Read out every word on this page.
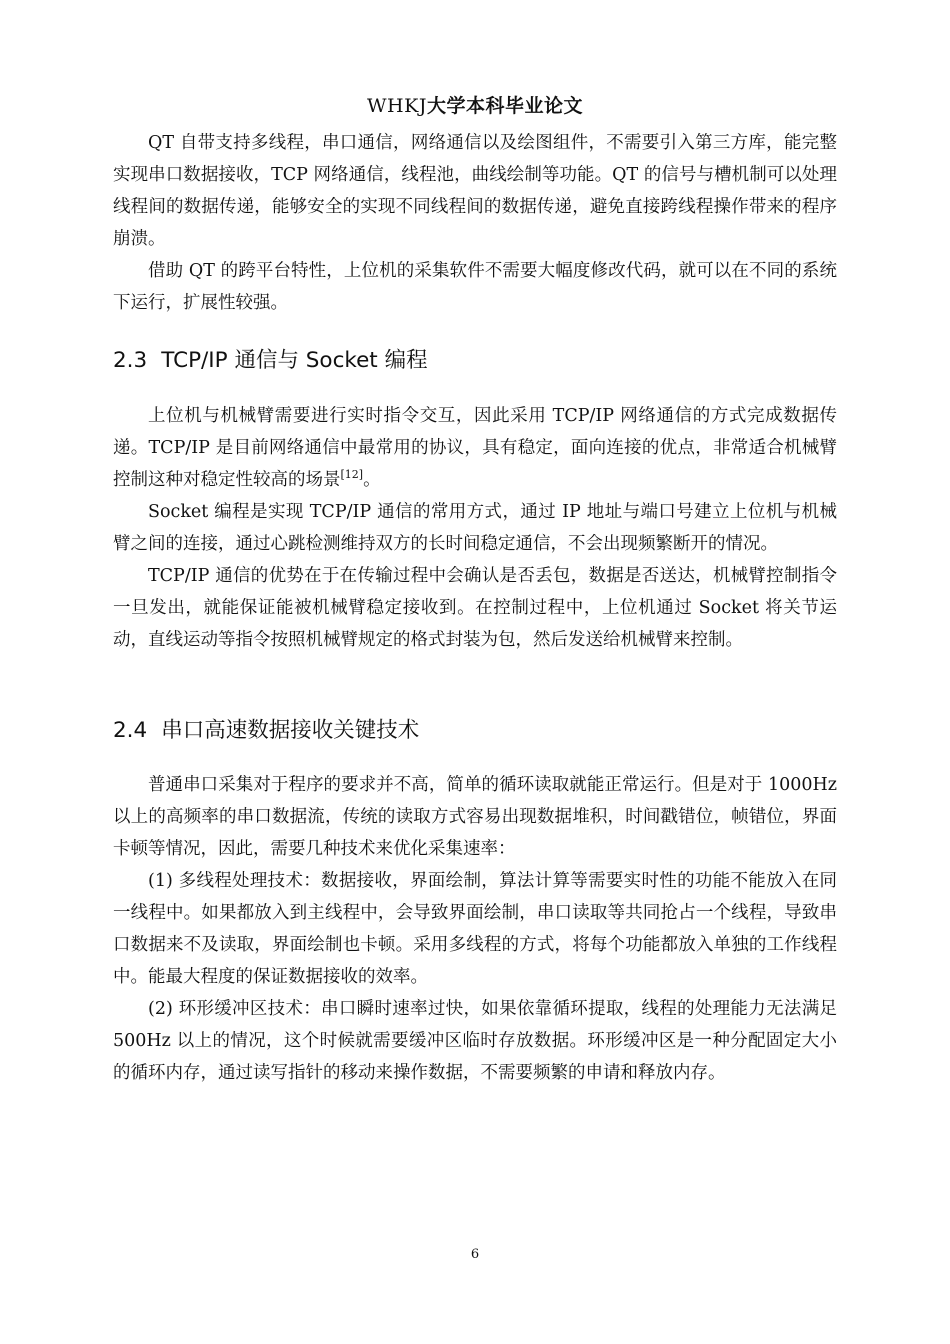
WHKJ大学本科毕业论文

QT 自带支持多线程，串口通信，网络通信以及绘图组件，不需要引入第三方库，能完整实现串口数据接收，TCP 网络通信，线程池，曲线绘制等功能。QT 的信号与槽机制可以处理线程间的数据传递，能够安全的实现不同线程间的数据传递，避免直接跨线程操作带来的程序崩溃。

借助 QT 的跨平台特性，上位机的采集软件不需要大幅度修改代码，就可以在不同的系统下运行，扩展性较强。

2.3 TCP/IP 通信与 Socket 编程

上位机与机械臂需要进行实时指令交互，因此采用 TCP/IP 网络通信的方式完成数据传递。TCP/IP 是目前网络通信中最常用的协议，具有稳定，面向连接的优点，非常适合机械臂控制这种对稳定性较高的场景[12]。

Socket 编程是实现 TCP/IP 通信的常用方式，通过 IP 地址与端口号建立上位机与机械臂之间的连接，通过心跳检测维持双方的长时间稳定通信，不会出现频繁断开的情况。

TCP/IP 通信的优势在于在传输过程中会确认是否丢包，数据是否送达，机械臂控制指令一旦发出，就能保证能被机械臂稳定接收到。在控制过程中，上位机通过 Socket 将关节运动，直线运动等指令按照机械臂规定的格式封装为包，然后发送给机械臂来控制。

2.4 串口高速数据接收关键技术

普通串口采集对于程序的要求并不高，简单的循环读取就能正常运行。但是对于 1000Hz 以上的高频率的串口数据流，传统的读取方式容易出现数据堆积，时间戳错位，帧错位，界面卡顿等情况，因此，需要几种技术来优化采集速率：

(1) 多线程处理技术：数据接收，界面绘制，算法计算等需要实时性的功能不能放入在同一线程中。如果都放入到主线程中，会导致界面绘制，串口读取等共同抢占一个线程，导致串口数据来不及读取，界面绘制也卡顿。采用多线程的方式，将每个功能都放入单独的工作线程中。能最大程度的保证数据接收的效率。

(2) 环形缓冲区技术：串口瞬时速率过快，如果依靠循环提取，线程的处理能力无法满足 500Hz 以上的情况，这个时候就需要缓冲区临时存放数据。环形缓冲区是一种分配固定大小的循环内存，通过读写指针的移动来操作数据，不需要频繁的申请和释放内存。

6
